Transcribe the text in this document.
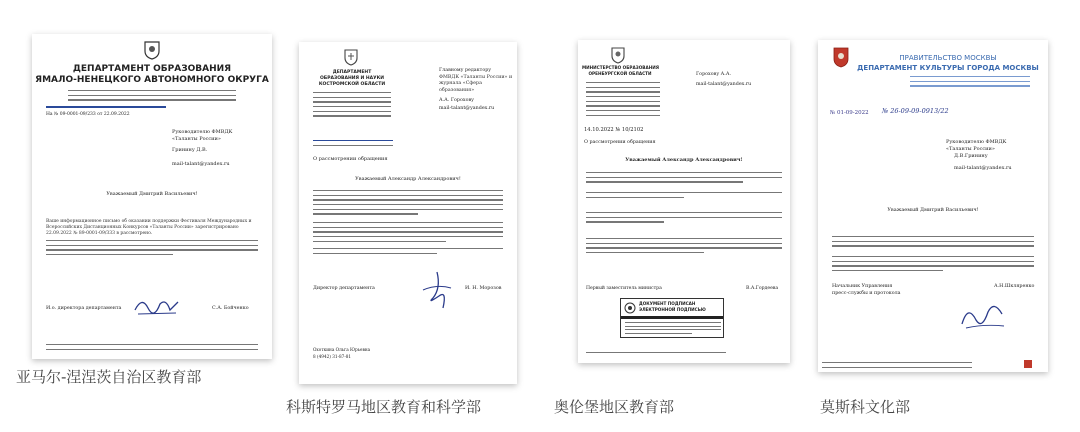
ДЕПАРТАМЕНТ ОБРАЗОВАНИЯ
ЯМАЛО-НЕНЕЦКОГО АВТОНОМНОГО ОКРУГА
На № 09-0001-09/233 от 22.09.2022
Руководителю ФМВДК
«Таланты России»
Гринину Д.В.
mail-talant@yandex.ru
Уважаемый Дмитрий Васильевич!
Ваше информационное письмо об оказании поддержки Фестиваля Международных и Всероссийских Дистанционных Конкурсов «Таланты России» зарегистрировано 22.09.2022 № 89-0001-09/333 в рассмотрено.
И.о. директора департамента	С.А. Бойченко
ДЕПАРТАМЕНТ
ОБРАЗОВАНИЯ И НАУКИ
КОСТРОМСКОЙ ОБЛАСТИ
Главному редактору
ФМВДК «Таланты России» и журнала «Сфера образования»
А.А. Горохову
mail-talant@yandex.ru
О рассмотрении обращения
Уважаемый Александр Александрович!
Директор департамента	И. Н. Морозов
Охоткина Ольга Юрьевна
8 (4942) 31-87-81
МИНИСТЕРСТВО ОБРАЗОВАНИЯ
ОРЕНБУРГСКОЙ ОБЛАСТИ	Горохову А.А.
mail-talant@yandex.ru
14.10.2022 № 10/2102
О рассмотрении обращения
Уважаемый Александр Александрович!
Первый заместитель министра	В.А.Гордеева
ДОКУМЕНТ ПОДПИСАН
ЭЛЕКТРОННОЙ ПОДПИСЬЮ
ПРАВИТЕЛЬСТВО МОСКВЫ
ДЕПАРТАМЕНТ КУЛЬТУРЫ ГОРОДА МОСКВЫ
№ 01-09-2022 № 26-09-09-0913/22
Руководителю ФМВДК
«Таланты России»
Д.В.Гринину
mail-talant@yandex.ru
Уважаемый Дмитрий Васильевич!
Начальник Управления
пресс-службы и протокола
А.Н.Шкляренко
亚马尔-涅涅茨自治区教育部
科斯特罗马地区教育和科学部	奥伦堡地区教育部	莫斯科文化部
